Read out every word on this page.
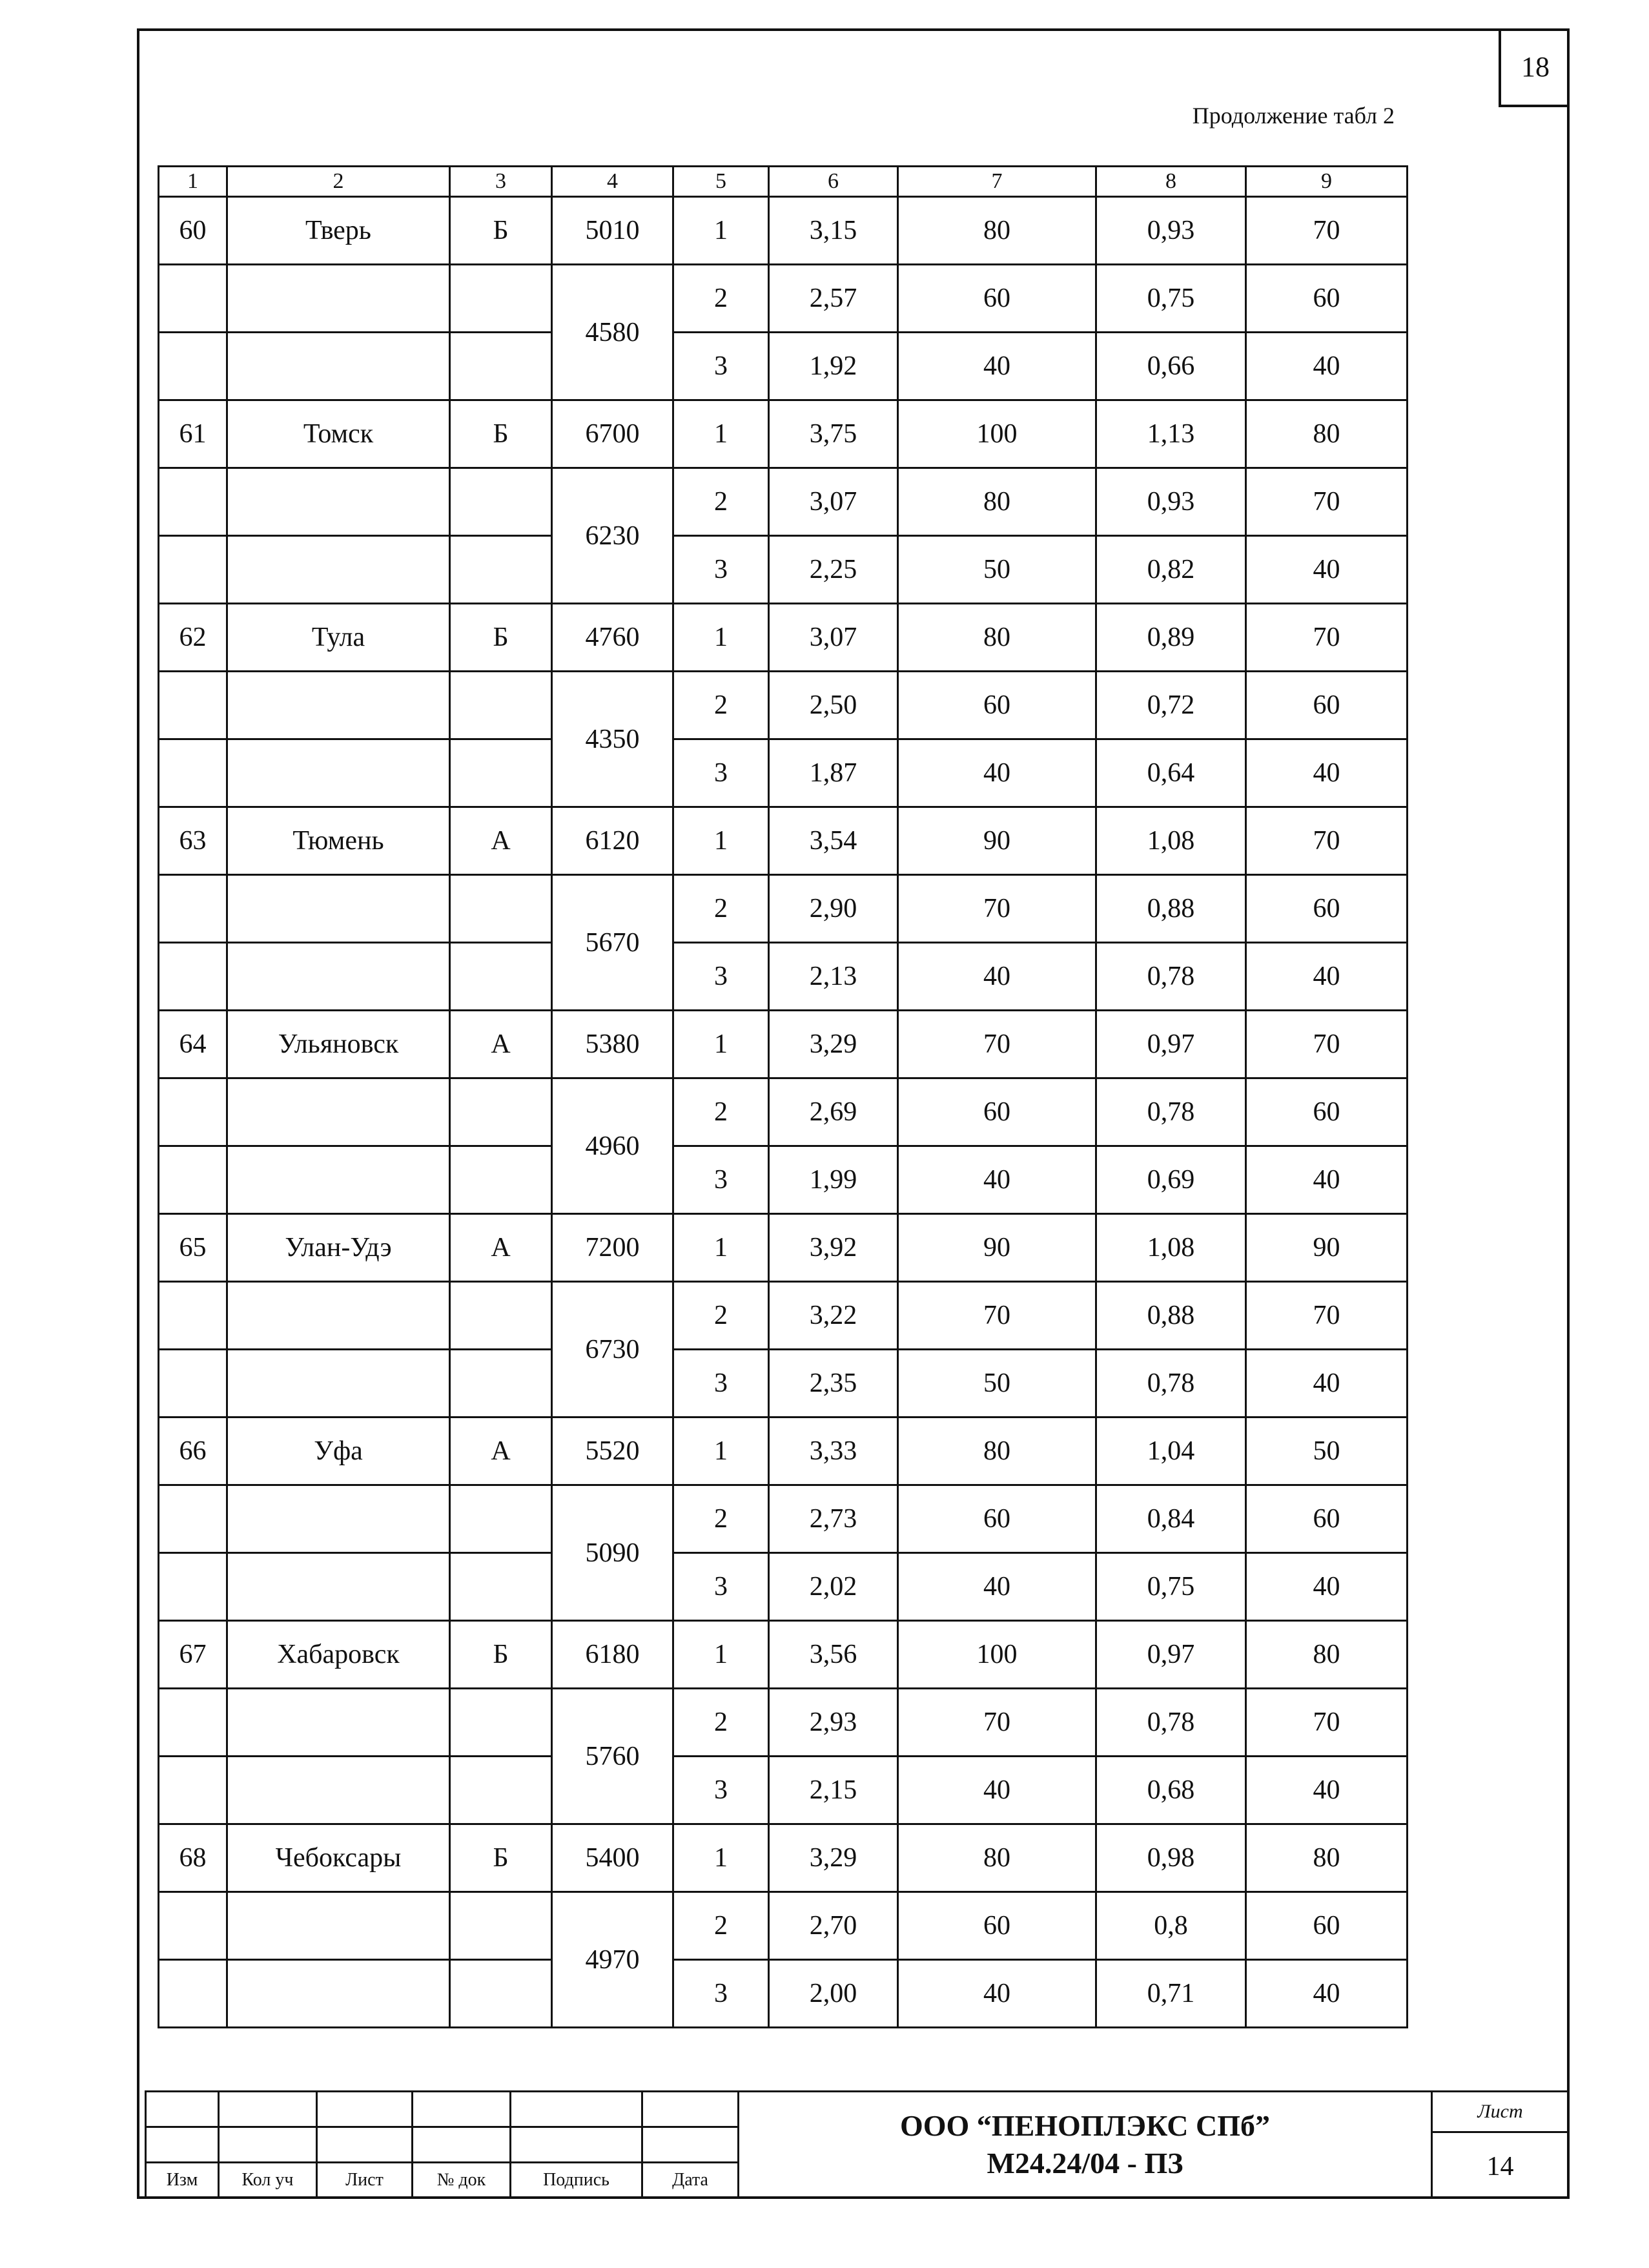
18
Продолжение табл 2
1	2	3	4	5	6	7	8	9
60	Тверь	Б	5010	1	3,15	80	0,93	70
			4580	2	2,57	60	0,75	60
				3	1,92	40	0,66	40
61	Томск	Б	6700	1	3,75	100	1,13	80
			6230	2	3,07	80	0,93	70
				3	2,25	50	0,82	40
62	Тула	Б	4760	1	3,07	80	0,89	70
			4350	2	2,50	60	0,72	60
				3	1,87	40	0,64	40
63	Тюмень	А	6120	1	3,54	90	1,08	70
			5670	2	2,90	70	0,88	60
				3	2,13	40	0,78	40
64	Ульяновск	А	5380	1	3,29	70	0,97	70
			4960	2	2,69	60	0,78	60
				3	1,99	40	0,69	40
65	Улан-Удэ	А	7200	1	3,92	90	1,08	90
			6730	2	3,22	70	0,88	70
				3	2,35	50	0,78	40
66	Уфа	А	5520	1	3,33	80	1,04	50
			5090	2	2,73	60	0,84	60
				3	2,02	40	0,75	40
67	Хабаровск	Б	6180	1	3,56	100	0,97	80
			5760	2	2,93	70	0,78	70
				3	2,15	40	0,68	40
68	Чебоксары	Б	5400	1	3,29	80	0,98	80
			4970	2	2,70	60	0,8	60
				3	2,00	40	0,71	40

Изм	Кол уч	Лист	№ док	Подпись	Дата
ООО “ПЕНОПЛЭКС СПб”
М24.24/04 - ПЗ
Лист
14
